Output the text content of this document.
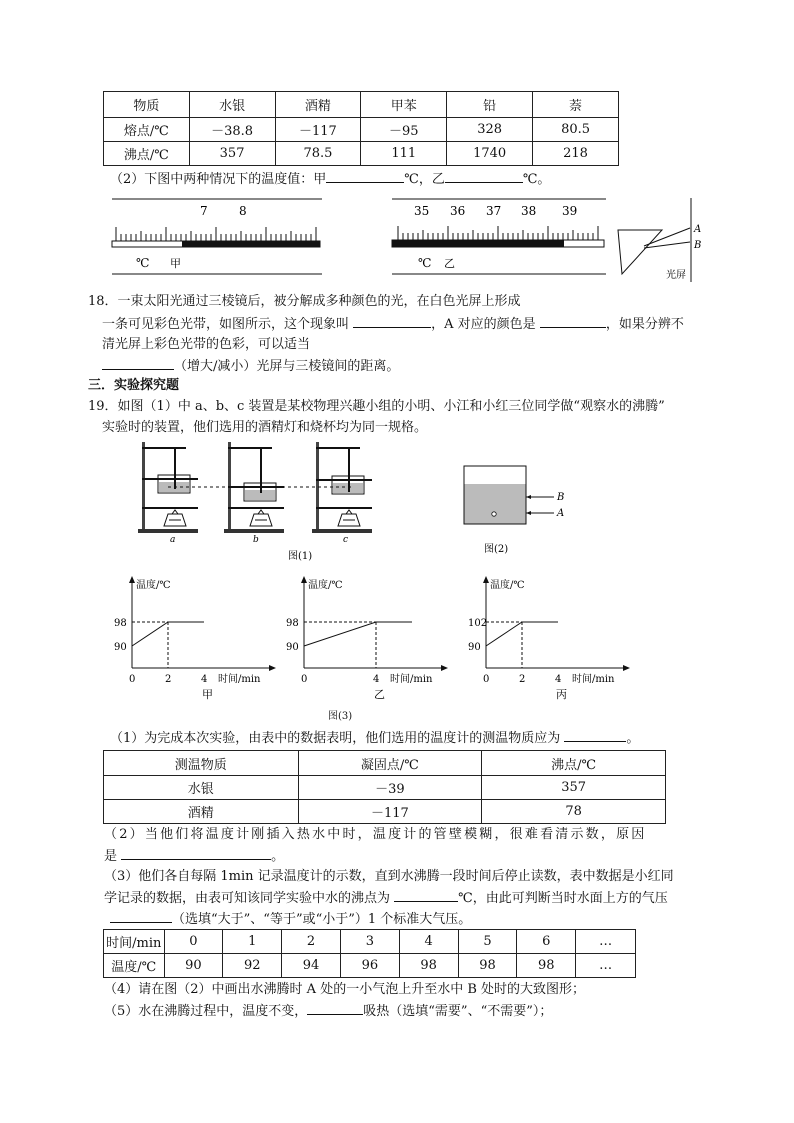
物质	水银	酒精	甲苯	铅	萘
熔点/℃	－38.8	－117	－95	328	80.5
沸点/℃	357	78.5	111	1740	218
（2）下图中两种情况下的温度值：甲	℃，乙	℃。
7	8
℃ 甲
35 36 37 38 39
℃ 乙
A
B
光屏
18．一束太阳光通过三棱镜后，被分解成多种颜色的光，在白色光屏上形成
一条可见彩色光带，如图所示，这个现象叫	，A 对应的颜色是	，如果分辨不
清光屏上彩色光带的色彩，可以适当
（增大/减小）光屏与三棱镜间的距离。
三．实验探究题
19．如图（1）中 a、b、c 装置是某校物理兴趣小组的小明、小江和小红三位同学做“观察水的沸腾”
实验时的装置，他们选用的酒精灯和烧杯均为同一规格。
a	b	c
图(1)
B
A
图(2)
98
90
0	2	4
温度/℃
时间/min
甲
98
90
0	4
温度/℃
时间/min
乙
102
90
0	2	4
温度/℃
时间/min
丙
图(3)
（1）为完成本次实验，由表中的数据表明，他们选用的温度计的测温物质应为	。
测温物质	凝固点/℃	沸点/℃
水银	－39	357
酒精	－117	78
（2）当他们将温度计刚插入热水中时，温度计的管壁模糊，很难看清示数，原因
是	。
（3）他们各自每隔 1min 记录温度计的示数，直到水沸腾一段时间后停止读数，表中数据是小红同
学记录的数据，由表可知该同学实验中水的沸点为	℃，由此可判断当时水面上方的气压
（选填“大于”、“等于”或“小于”）1 个标准大气压。
时间/min	0	1	2	3	4	5	6	…
温度/℃	90	92	94	96	98	98	98	…
（4）请在图（2）中画出水沸腾时 A 处的一小气泡上升至水中 B 处时的大致图形；
（5）水在沸腾过程中，温度不变，	吸热（选填“需要”、“不需要”）；
